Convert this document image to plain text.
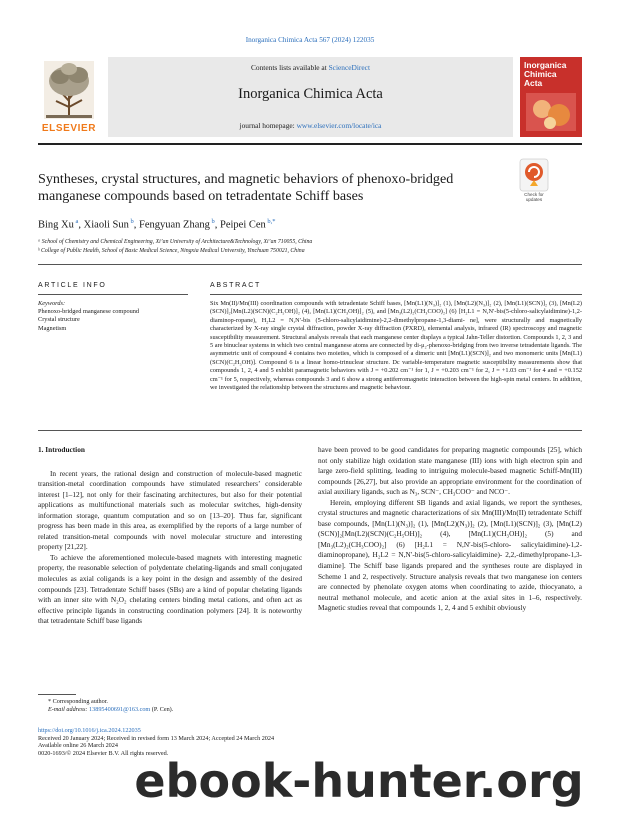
Inorganica Chimica Acta 567 (2024) 122035
ELSEVIER
Contents lists available at ScienceDirect
Inorganica Chimica Acta
journal homepage: www.elsevier.com/locate/ica
Inorganica
Chimica
Acta
Syntheses, crystal structures, and magnetic behaviors of phenoxo-bridged
manganese compounds based on tetradentate Schiff bases	Check for
updates
Bing Xu $^a$, Xiaoli Sun $^b$, Fengyuan Zhang $^b$, Peipei Cen $^{b,*}$
ᵃ School of Chemistry and Chemical Engineering, Xi’an University of Architecture&Technology, Xi’an 710055, China
ᵇ College of Public Health, School of Basic Medical Science, Ningxia Medical University, Yinchuan 750021, China
ARTICLE INFO	ABSTRACT
Keywords:
Phenoxo-bridged manganese compound
Crystal structure
Magnetism
Six Mn(II)/Mn(III) coordination compounds with tetradentate Schiff bases, [Mn(L1)(N₃)]₂ (1), [Mn(L2)(N₃)]₂ (2), [Mn(L1)(SCN)]₂ (3), [Mn(L2)(SCN)]₂[Mn(L2)(SCN)(C₂H₅OH)]₂ (4), [Mn(L1)(CH₃OH)]₂ (5), and [Mn₃(L2)₂(CH₃COO)₂] (6) [H₂L1 = N,N′-bis(5-chloro-salicylaidimine)-1,2-diaminop-ropane), H₂L2 = N,N′-bis (5-chloro-salicylaidimine)-2,2-dimethylpropane-1,3-diami- ne], were structurally and magnetically characterized by X-ray single crystal diffraction, powder X-ray diffraction (PXRD), elemental analysis, infrared (IR) spectroscopy and magnetic susceptibility measurement. Structural analysis reveals that each manganese center displays a typical Jahn-Teller distortion. Compounds 1, 2, 3 and 5 are binuclear systems in which two central manganese atoms are connected by di-μ₂-phenoxo-bridging from two inverse tetradentate ligands. The asymmetric unit of compound 4 contains two moieties, which is composed of a dimeric unit [Mn(L1)(SCN)]₂ and two monomeric units [Mn(L1)(SCN)(C₂H₅OH)]. Compound 6 is a linear homo-trinuclear structure. Dc variable-temperature magnetic susceptibility measurements show that compounds 1, 2, 4 and 5 exhibit paramagnetic behaviors with J = +0.202 cm⁻¹ for 1, J = +0.203 cm⁻¹ for 2, J = +1.03 cm⁻¹ for 4 and = +0.152 cm⁻¹ for 5, respectively, whereas compounds 3 and 6 show a strong antiferromagnetic interaction between the high-spin metal centers. In addition, we investigated the relationship between the structures and magnetic behaviour.

1. Introduction

In recent years, the rational design and construction of molecule-based magnetic transition-metal coordination compounds have stimulated researchers’ considerable interest [1–12], not only for their fascinating architectures, but also for their potential applications as multifunctional materials such as molecular switches, high-density information storage, quantum computation and so on [13–20]. Thus far, significant progress has been made in this area, as exemplified by the reports of a large number of related transition-metal compounds with novel molecular structure and interesting property [21,22].

To achieve the aforementioned molecule-based magnets with interesting magnetic property, the reasonable selection of polydentate chelating-ligands and small conjugated molecules as axial coligands is a key point in the design and assembly of the desired compounds [23]. Tetradentate Schiff bases (SBs) are a kind of popular chelating ligands with an inner site with N₂O₂ chelating centers binding metal cations, and often act as effective principle ligands in constructing coordination polymers [24]. It is noteworthy that tetradentate Schiff base ligands

have been proved to be good candidates for preparing magnetic compounds [25], which not only stabilize high oxidation state manganese (III) ions with high electron spin and large zero-field splitting, leading to intriguing molecule-based magnetic Schiff-Mn(III) compounds [26,27], but also provide an appropriate environment for the coordination of axial auxiliary ligands, such as N₃, SCN⁻, CH₃COO⁻ and NCO⁻.

Herein, employing different SB ligands and axial ligands, we report the syntheses, crystal structures and magnetic characterizations of six Mn(III)/Mn(II) tetradentate Schiff base compounds, [Mn(L1)(N₃)]₂ (1), [Mn(L2)(N₃)]₂ (2), [Mn(L1)(SCN)]₂ (3), [Mn(L2)(SCN)]₂[Mn(L2)(SCN)(C₂H₅OH)]₂ (4), [Mn(L1)(CH₃OH)]₂ (5) and [Mn₃(L2)₂(CH₃COO)₂] (6) [H₂L1 = N,N′-bis(5-chloro- salicylaidimine)-1,2-diaminopropane), H₂L2 = N,N′-bis(5-chloro-salicylaidimine)- 2,2,-dimethylpropane-1,3-diamine]. The Schiff base ligands prepared and the syntheses route are displayed in Scheme 1 and 2, respectively. Structure analysis reveals that two manganese ion centers are connected by phenolate oxygen atoms when coordinating to azide, thiocyanato, a neutral methanol molecule, and acetic anion at the axial sites in 1–6, respectively. Magnetic studies reveal that compounds 1, 2, 4 and 5 exhibit obviously

* Corresponding author.
E-mail address: 13895400691@163.com (P. Cen).
https://doi.org/10.1016/j.ica.2024.122035
Received 20 January 2024; Received in revised form 13 March 2024; Accepted 24 March 2024
Available online 26 March 2024
0020-1693/© 2024 Elsevier B.V. All rights reserved.
ebook-hunter.org
